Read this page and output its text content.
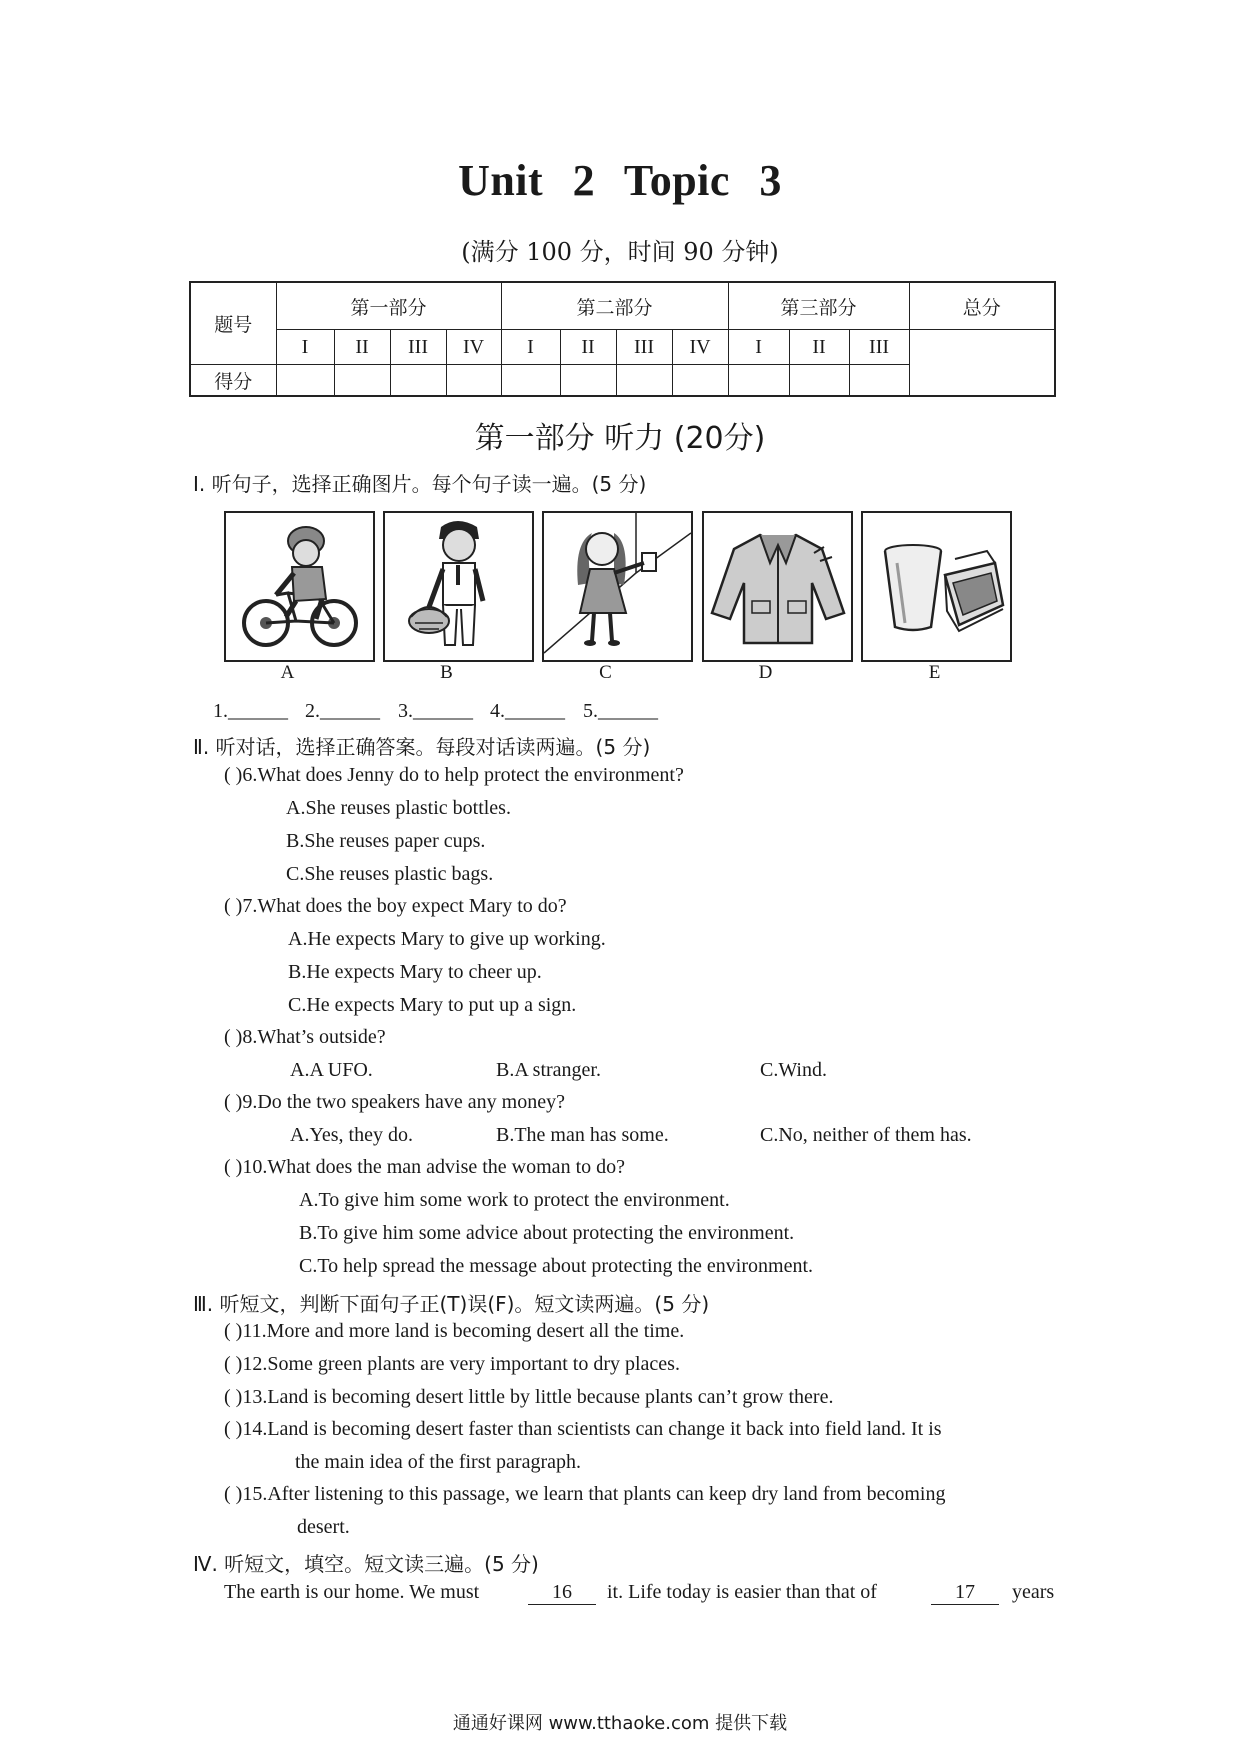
Unit 2 Topic 3
(满分 100 分，时间 90 分钟)
题号	第一部分				第二部分				第三部分			总分
	I	II	III	IV	I	II	III	IV	I	II	III	
得分												
第一部分 听力 (20分)
Ⅰ. 听句子，选择正确图片。每个句子读一遍。(5 分)
A	B	C	D	E
1.______ 2.______ 3.______ 4.______ 5.______
Ⅱ. 听对话，选择正确答案。每段对话读两遍。(5 分)
( )6.What does Jenny do to help protect the environment?
A.She reuses plastic bottles.
B.She reuses paper cups.
C.She reuses plastic bags.
( )7.What does the boy expect Mary to do?
A.He expects Mary to give up working.
B.He expects Mary to cheer up.
C.He expects Mary to put up a sign.
( )8.What’s outside?
A.A UFO.	B.A stranger.	C.Wind.
( )9.Do the two speakers have any money?
A.Yes, they do.	B.The man has some.	C.No, neither of them has.
( )10.What does the man advise the woman to do?
A.To give him some work to protect the environment.
B.To give him some advice about protecting the environment.
C.To help spread the message about protecting the environment.
Ⅲ. 听短文，判断下面句子正(T)误(F)。短文读两遍。(5 分)
( )11.More and more land is becoming desert all the time.
( )12.Some green plants are very important to dry places.
( )13.Land is becoming desert little by little because plants can’t grow there.
( )14.Land is becoming desert faster than scientists can change it back into field land. It is
the main idea of the first paragraph.
( )15.After listening to this passage, we learn that plants can keep dry land from becoming
desert.
Ⅳ. 听短文，填空。短文读三遍。(5 分)
The earth is our home. We must	16	it. Life today is easier than that of	17	years
通通好课网 www.tthaoke.com 提供下载
